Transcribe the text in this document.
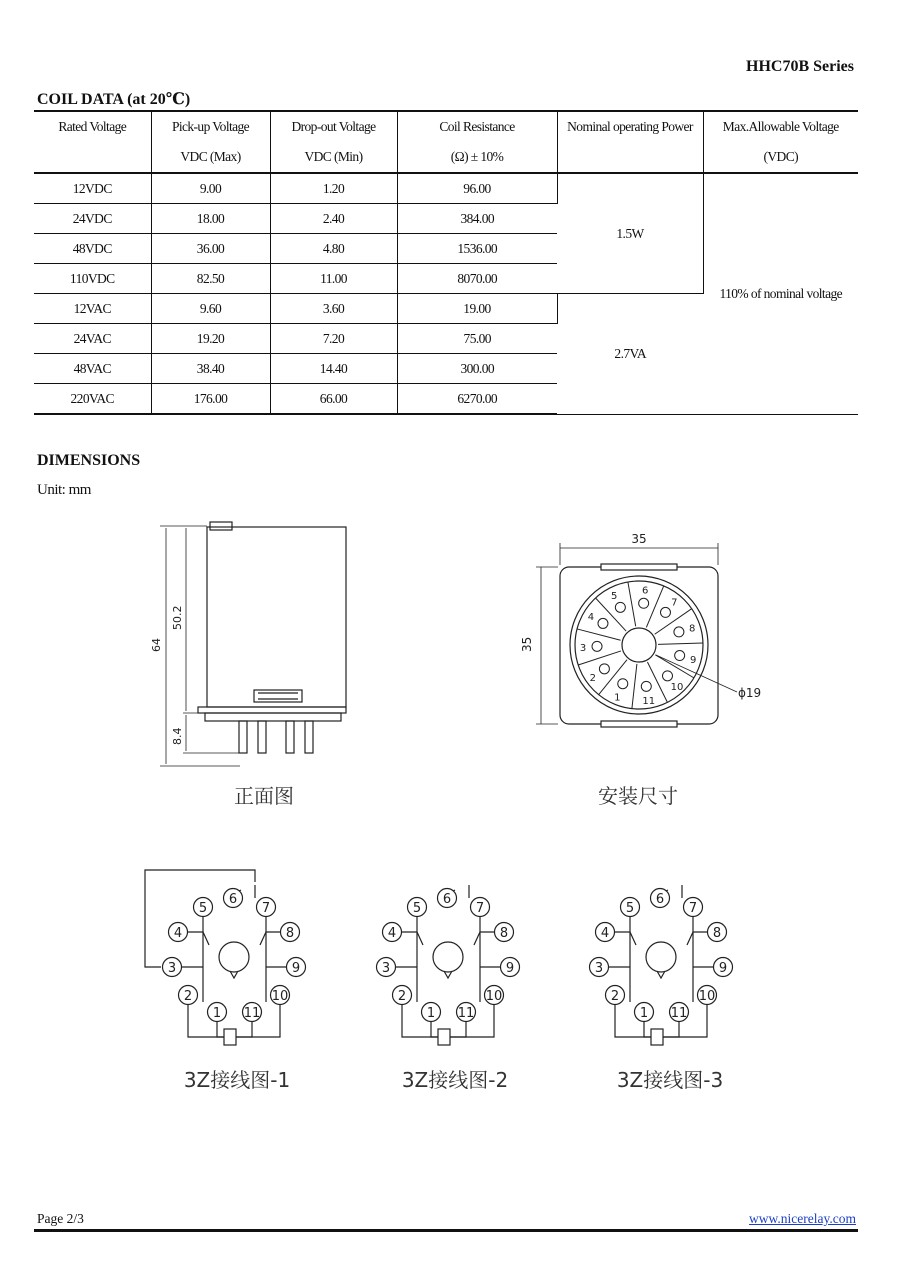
HHC70B Series
COIL DATA (at 20℃)
Rated Voltage	Pick-up Voltage	Drop-out Voltage	Coil Resistance	Nominal operating Power	Max.Allowable Voltage
	VDC (Max)	VDC (Min)	(Ω) ± 10%		(VDC)
12VDC	9.00	1.20	96.00	1.5W	110% of nominal voltage
24VDC	18.00	2.40	384.00		
48VDC	36.00	4.80	1536.00		
110VDC	82.50	11.00	8070.00		
12VAC	9.60	3.60	19.00	2.7VA	
24VAC	19.20	7.20	75.00		
48VAC	38.40	14.40	300.00		
220VAC	176.00	66.00	6270.00		
DIMENSIONS
Unit: mm
64
50.2
8.4
正面图
6
7
8
9
10
11
1
2
3
4
5
35
35
ϕ19
安装尺寸
1
2
3
4
5
6
7
8
9
10
11	1
2
3
4
5
6
7
8
9
10
11	1
2
3
4
5
6
7
8
9
10
11
3Z接线图-1	3Z接线图-2	3Z接线图-3
Page 2/3	www.nicerelay.com
